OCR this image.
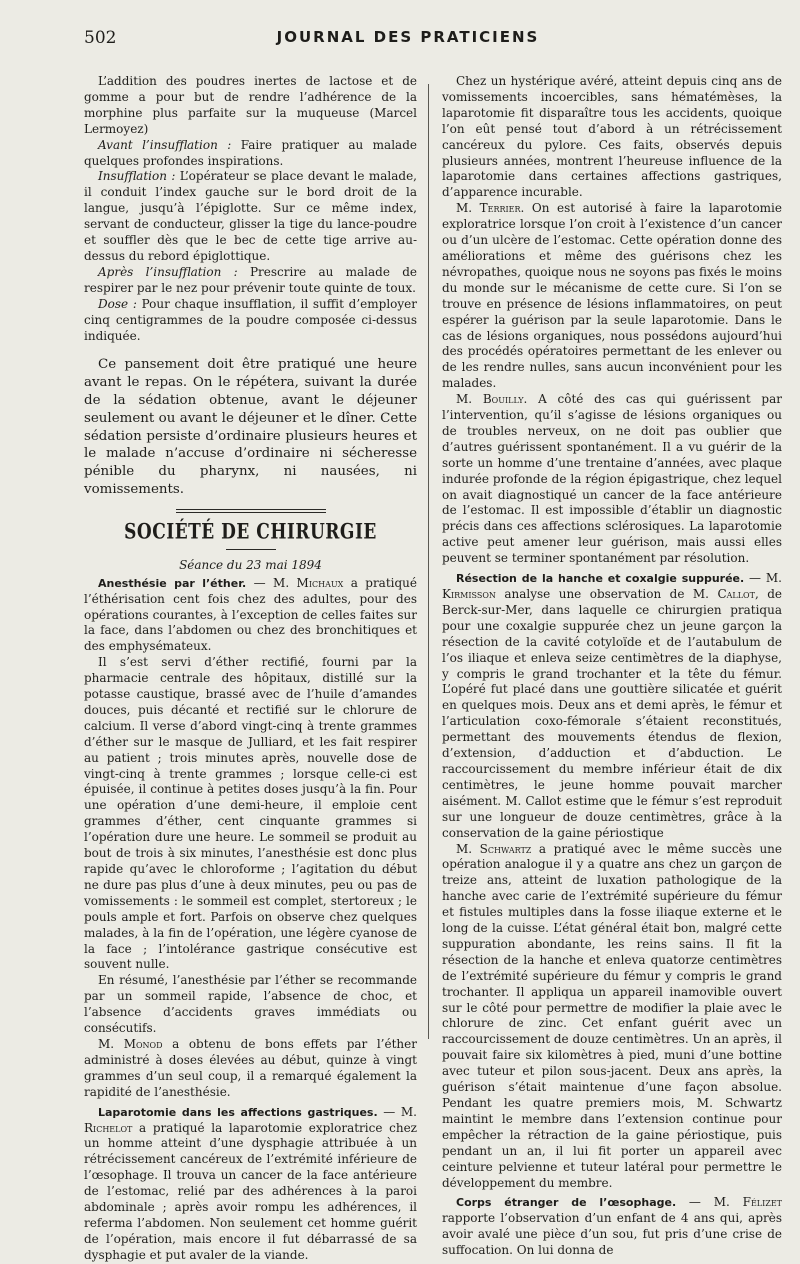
502	JOURNAL DES PRATICIENS

L’addition des poudres inertes de lactose et de gomme a pour but de rendre l’adhérence de la morphine plus parfaite sur la muqueuse (Marcel Lermoyez)

Avant l’insufflation : Faire pratiquer au malade quelques profondes inspirations.

Insufflation : L’opérateur se place devant le malade, il conduit l’index gauche sur le bord droit de la langue, jusqu’à l’épiglotte. Sur ce même index, servant de conducteur, glisser la tige du lance-poudre et souffler dès que le bec de cette tige arrive au-dessus du rebord épiglottique.

Après l’insufflation : Prescrire au malade de respirer par le nez pour prévenir toute quinte de toux.

Dose : Pour chaque insufflation, il suffit d’employer cinq centigrammes de la poudre composée ci-dessus indiquée.

Ce pansement doit être pratiqué une heure avant le repas. On le répétera, suivant la durée de la sédation obtenue, avant le déjeuner seulement ou avant le déjeuner et le dîner. Cette sédation persiste d’ordinaire plusieurs heures et le malade n’accuse d’ordinaire ni sécheresse pénible du pharynx, ni nausées, ni vomissements.

SOCIÉTÉ DE CHIRURGIE
Séance du 23 mai 1894

Anesthésie par l’éther. — M. Michaux a pratiqué l’éthérisation cent fois chez des adultes, pour des opérations courantes, à l’exception de celles faites sur la face, dans l’abdomen ou chez des bronchitiques et des emphysémateux.

Il s’est servi d’éther rectifié, fourni par la pharmacie centrale des hôpitaux, distillé sur la potasse caustique, brassé avec de l’huile d’amandes douces, puis décanté et rectifié sur le chlorure de calcium. Il verse d’abord vingt-cinq à trente grammes d’éther sur le masque de Julliard, et les fait respirer au patient ; trois minutes après, nouvelle dose de vingt-cinq à trente grammes ; lorsque celle-ci est épuisée, il continue à petites doses jusqu’à la fin. Pour une opération d’une demi-heure, il emploie cent grammes d’éther, cent cinquante grammes si l’opération dure une heure. Le sommeil se produit au bout de trois à six minutes, l’anesthésie est donc plus rapide qu’avec le chloroforme ; l’agitation du début ne dure pas plus d’une à deux minutes, peu ou pas de vomissements : le sommeil est complet, stertoreux ; le pouls ample et fort. Parfois on observe chez quelques malades, à la fin de l’opération, une légère cyanose de la face ; l’intolérance gastrique consécutive est souvent nulle.

En résumé, l’anesthésie par l’éther se recommande par un sommeil rapide, l’absence de choc, et l’absence d’accidents graves immédiats ou consécutifs.

M. Monod a obtenu de bons effets par l’éther administré à doses élevées au début, quinze à vingt grammes d’un seul coup, il a remarqué également la rapidité de l’anesthésie.

Laparotomie dans les affections gastriques. — M. Richelot a pratiqué la laparotomie exploratrice chez un homme atteint d’une dysphagie attribuée à un rétrécissement cancéreux de l’extrémité inférieure de l’œsophage. Il trouva un cancer de la face antérieure de l’estomac, relié par des adhérences à la paroi abdominale ; après avoir rompu les adhérences, il referma l’abdomen. Non seulement cet homme guérit de l’opération, mais encore il fut débarrassé de sa dysphagie et put avaler de la viande.

Chez un hystérique avéré, atteint depuis cinq ans de vomissements incoercibles, sans hématémèses, la laparotomie fit disparaître tous les accidents, quoique l’on eût pensé tout d’abord à un rétrécissement cancéreux du pylore. Ces faits, observés depuis plusieurs années, montrent l’heureuse influence de la laparotomie dans certaines affections gastriques, d’apparence incurable.

M. Terrier. On est autorisé à faire la laparotomie exploratrice lorsque l’on croit à l’existence d’un cancer ou d’un ulcère de l’estomac. Cette opération donne des améliorations et même des guérisons chez les névropathes, quoique nous ne soyons pas fixés le moins du monde sur le mécanisme de cette cure. Si l’on se trouve en présence de lésions inflammatoires, on peut espérer la guérison par la seule laparotomie. Dans le cas de lésions organiques, nous possédons aujourd’hui des procédés opératoires permettant de les enlever ou de les rendre nulles, sans aucun inconvénient pour les malades.

M. Bouilly. A côté des cas qui guérissent par l’intervention, qu’il s’agisse de lésions organiques ou de troubles nerveux, on ne doit pas oublier que d’autres guérissent spontanément. Il a vu guérir de la sorte un homme d’une trentaine d’années, avec plaque indurée profonde de la région épigastrique, chez lequel on avait diagnostiqué un cancer de la face antérieure de l’estomac. Il est impossible d’établir un diagnostic précis dans ces affections sclérosiques. La laparotomie active peut amener leur guérison, mais aussi elles peuvent se terminer spontanément par résolution.

Résection de la hanche et coxalgie suppurée. — M. Kirmisson analyse une observation de M. Callot, de Berck-sur-Mer, dans laquelle ce chirurgien pratiqua pour une coxalgie suppurée chez un jeune garçon la résection de la cavité cotyloïde et de l’autabulum de l’os iliaque et enleva seize centimètres de la diaphyse, y compris le grand trochanter et la tête du fémur. L’opéré fut placé dans une gouttière silicatée et guérit en quelques mois. Deux ans et demi après, le fémur et l’articulation coxo-fémorale s’étaient reconstitués, permettant des mouvements étendus de flexion, d’extension, d’adduction et d’abduction. Le raccourcissement du membre inférieur était de dix centimètres, le jeune homme pouvait marcher aisément. M. Callot estime que le fémur s’est reproduit sur une longueur de douze centimètres, grâce à la conservation de la gaine périostique

M. Schwartz a pratiqué avec le même succès une opération analogue il y a quatre ans chez un garçon de treize ans, atteint de luxation pathologique de la hanche avec carie de l’extrémité supérieure du fémur et fistules multiples dans la fosse iliaque externe et le long de la cuisse. L’état général était bon, malgré cette suppuration abondante, les reins sains. Il fit la résection de la hanche et enleva quatorze centimètres de l’extrémité supérieure du fémur y compris le grand trochanter. Il appliqua un appareil inamovible ouvert sur le côté pour permettre de modifier la plaie avec le chlorure de zinc. Cet enfant guérit avec un raccourcissement de douze centimètres. Un an après, il pouvait faire six kilomètres à pied, muni d’une bottine avec tuteur et pilon sous-jacent. Deux ans après, la guérison s’était maintenue d’une façon absolue. Pendant les quatre premiers mois, M. Schwartz maintint le membre dans l’extension continue pour empêcher la rétraction de la gaine périostique, puis pendant un an, il lui fit porter un appareil avec ceinture pelvienne et tuteur latéral pour permettre le développement du membre.

Corps étranger de l’œsophage. — M. Félizet rapporte l’observation d’un enfant de 4 ans qui, après avoir avalé une pièce d’un sou, fut pris d’une crise de suffocation. On lui donna de
